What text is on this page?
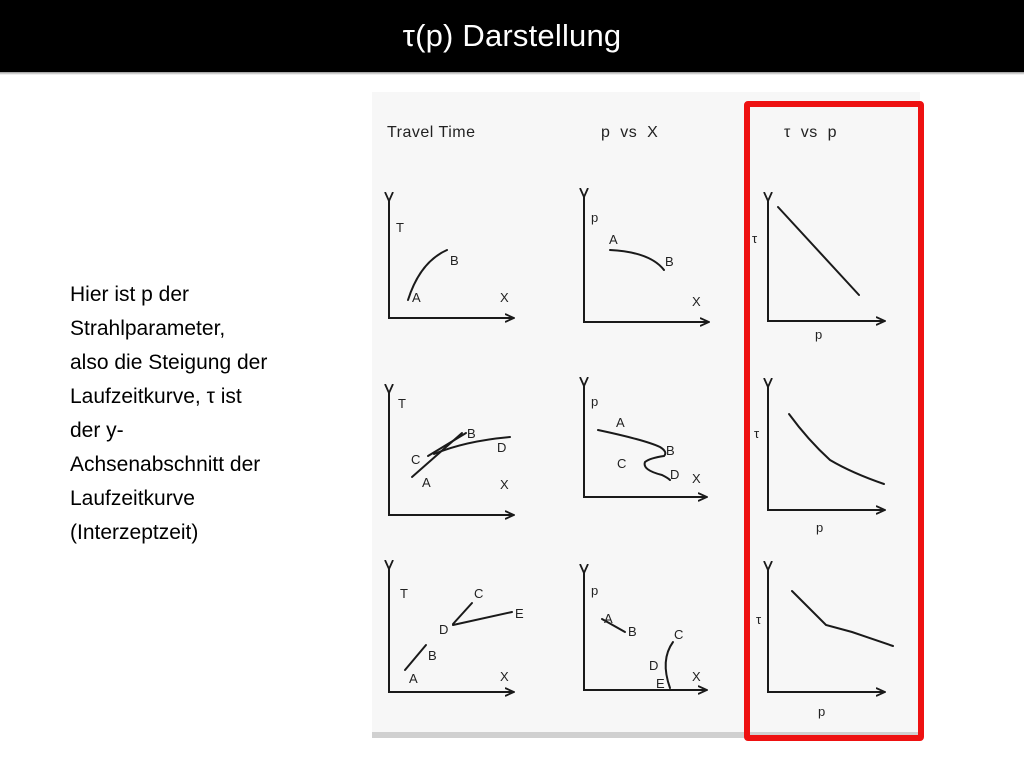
τ(p) Darstellung
Hier ist p der
Strahlparameter,
also die Steigung der
Laufzeitkurve, τ ist
der y-
Achsenabschnitt der
Laufzeitkurve
(Interzeptzeit)
Travel Time	p  vs  X	τ  vs  p
T
X
A
B
p
X
A
B
τ
p
T
X
C
B
D
A
p
X
A
B
C
D
τ
p
T
X
C
E
D
B
A
p
X
A
B	C
D
E
τ
p
